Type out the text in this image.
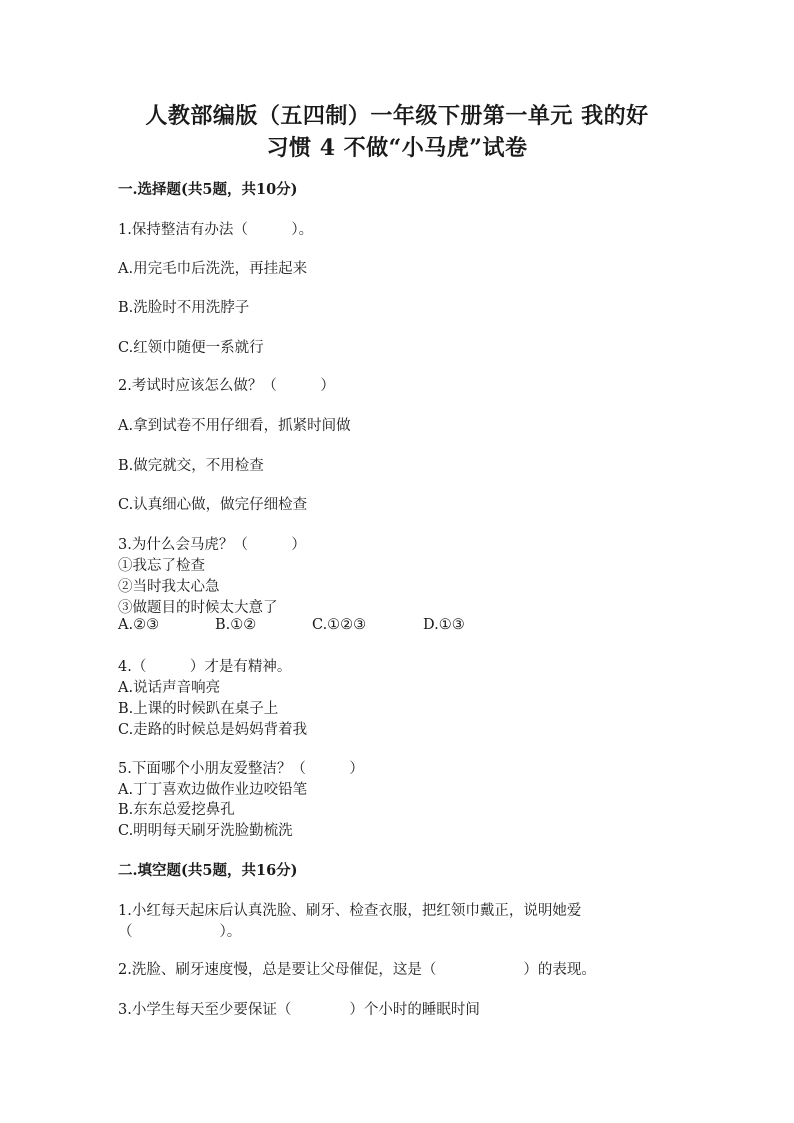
人教部编版（五四制）一年级下册第一单元 我的好
习惯 4 不做“小马虎”试卷
一.选择题(共5题，共10分)
1.保持整洁有办法（　　　）。
A.用完毛巾后洗洗，再挂起来
B.洗脸时不用洗脖子
C.红领巾随便一系就行
2.考试时应该怎么做？（　　　）
A.拿到试卷不用仔细看，抓紧时间做
B.做完就交，不用检查
C.认真细心做，做完仔细检查
3.为什么会马虎？（　　　）
①我忘了检查
②当时我太心急
③做题目的时候太大意了
A.②③	B.①②	C.①②③	D.①③
4.（　　　）才是有精神。
A.说话声音响亮
B.上课的时候趴在桌子上
C.走路的时候总是妈妈背着我
5.下面哪个小朋友爱整洁？（　　　）
A.丁丁喜欢边做作业边咬铅笔
B.东东总爱挖鼻孔
C.明明每天刷牙洗脸勤梳洗
二.填空题(共5题，共16分)
1.小红每天起床后认真洗脸、刷牙、检查衣服，把红领巾戴正，说明她爱
（　　　　　　）。
2.洗脸、刷牙速度慢，总是要让父母催促，这是（　　　　　　）的表现。
3.小学生每天至少要保证（　　　　）个小时的睡眠时间
